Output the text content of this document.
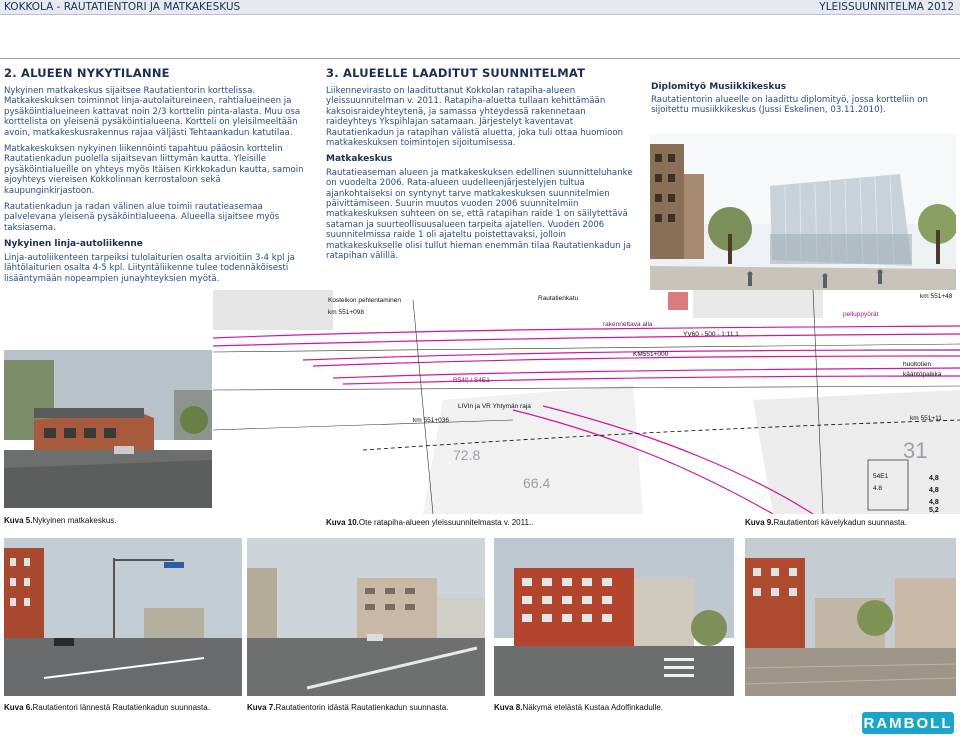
KOKKOLA - RAUTATIENTORI JA MATKAKESKUS	YLEISSUUNNITELMA 2012
2. ALUEEN NYKYTILANNE

Nykyinen matkakeskus sijaitsee Rautatientorin korttelissa. Matkakeskuksen toiminnot linja-autolaitureineen, rahtialueineen ja pysäköintialueineen kattavat noin 2/3 korttelin pinta-alasta. Muu osa korttelista on yleisenä pysäköintialueena. Kortteli on yleisilmeeltään avoin, matkakeskusrakennus rajaa väljästi Tehtaankadun katutilaa.

Matkakeskuksen nykyinen liikennöinti tapahtuu pääosin korttelin Rautatienkadun puolella sijaitsevan liittymän kautta. Yleisille pysäköintialueille on yhteys myös Itäisen Kirkkokadun kautta, samoin ajoyhteys viereisen Kokkolinnan kerrostaloon sekä kaupunginkirjastoon.

Rautatienkadun ja radan välinen alue toimii rautatieasemaa palvelevana yleisenä pysäköintialueena. Alueella sijaitsee myös taksiasema.

Nykyinen linja-autoliikenne

Linja-autoliikenteen tarpeiksi tulolaiturien osalta arvioitiin 3-4 kpl ja lähtölaiturien osalta 4-5 kpl. Liityntäliikenne tulee todennäköisesti lisääntymään nopeampien junayhteyksien myötä.

3. ALUEELLE LAADITUT SUUNNITELMAT

Liikennevirasto on laadituttanut Kokkolan ratapiha-alueen yleissuunnitelman v. 2011. Ratapiha-aluetta tullaan kehittämään kaksoisraideyhteytenä, ja samassa yhteydessä rakennetaan raideyhteys Ykspihlajan satamaan. Järjestelyt kaventavat Rautatienkadun ja ratapihan välistä aluetta, joka tuli ottaa huomioon matkakeskuksen toimintojen sijoitumisessa.

Matkakeskus

Rautatieaseman alueen ja matkakeskuksen edellinen suunnitteluhanke on vuodelta 2006. Rata-alueen uudelleenjärjestelyjen tultua ajankohtaiseksi on syntynyt tarve matkakeskuksen suunnitelmien päivittämiseen. Suurin muutos vuoden 2006 suunnitelmiin matkakeskuksen suhteen on se, että ratapihan raide 1 on säilytettävä sataman ja suurteollisuusalueen tarpeita ajatellen. Vuoden 2006 suunnitelmissa raide 1 oli ajateltu poistettavaksi, jolloin matkakeskukselle olisi tullut hieman enemmän tilaa Rautatienkadun ja ratapihan välillä.

Diplomityö Musiikkikeskus
Rautatientorin alueelle on laadittu diplomityö, jossa kortteliin on sijoitettu musiikkikeskus (Jussi Eskelinen, 03.11.2010).
Kosteikon pehlentaminen
km 551+098
Rautatienkatu	km 551+48
rakennettava alla
YV60 - 500 - 1:11,1
KM551+000
R540 / S4E1
LIVIn ja VR Yhtymän raja
km 551+036
pelluppyörät
huoltotien
kääntöpaikka
km 551+11
54E1
4.8
72.8
66.4
31
4,8
4,8
4,8
5,2
Kuva 5.Nykyinen matkakeskus.	Kuva 10.Ote ratapiha-alueen yleissuunnitelmasta v. 2011..	Kuva 9.Rautatientori kävelykadun suunnasta.
Kuva 6.Rautatientori lännestä Rautatienkadun suunnasta.	Kuva 7.Rautatientorin idästä Rautatienkadun suunnasta.	Kuva 8.Näkymä etelästä Kustaa Adolfinkadulle.
RAMBOLL
